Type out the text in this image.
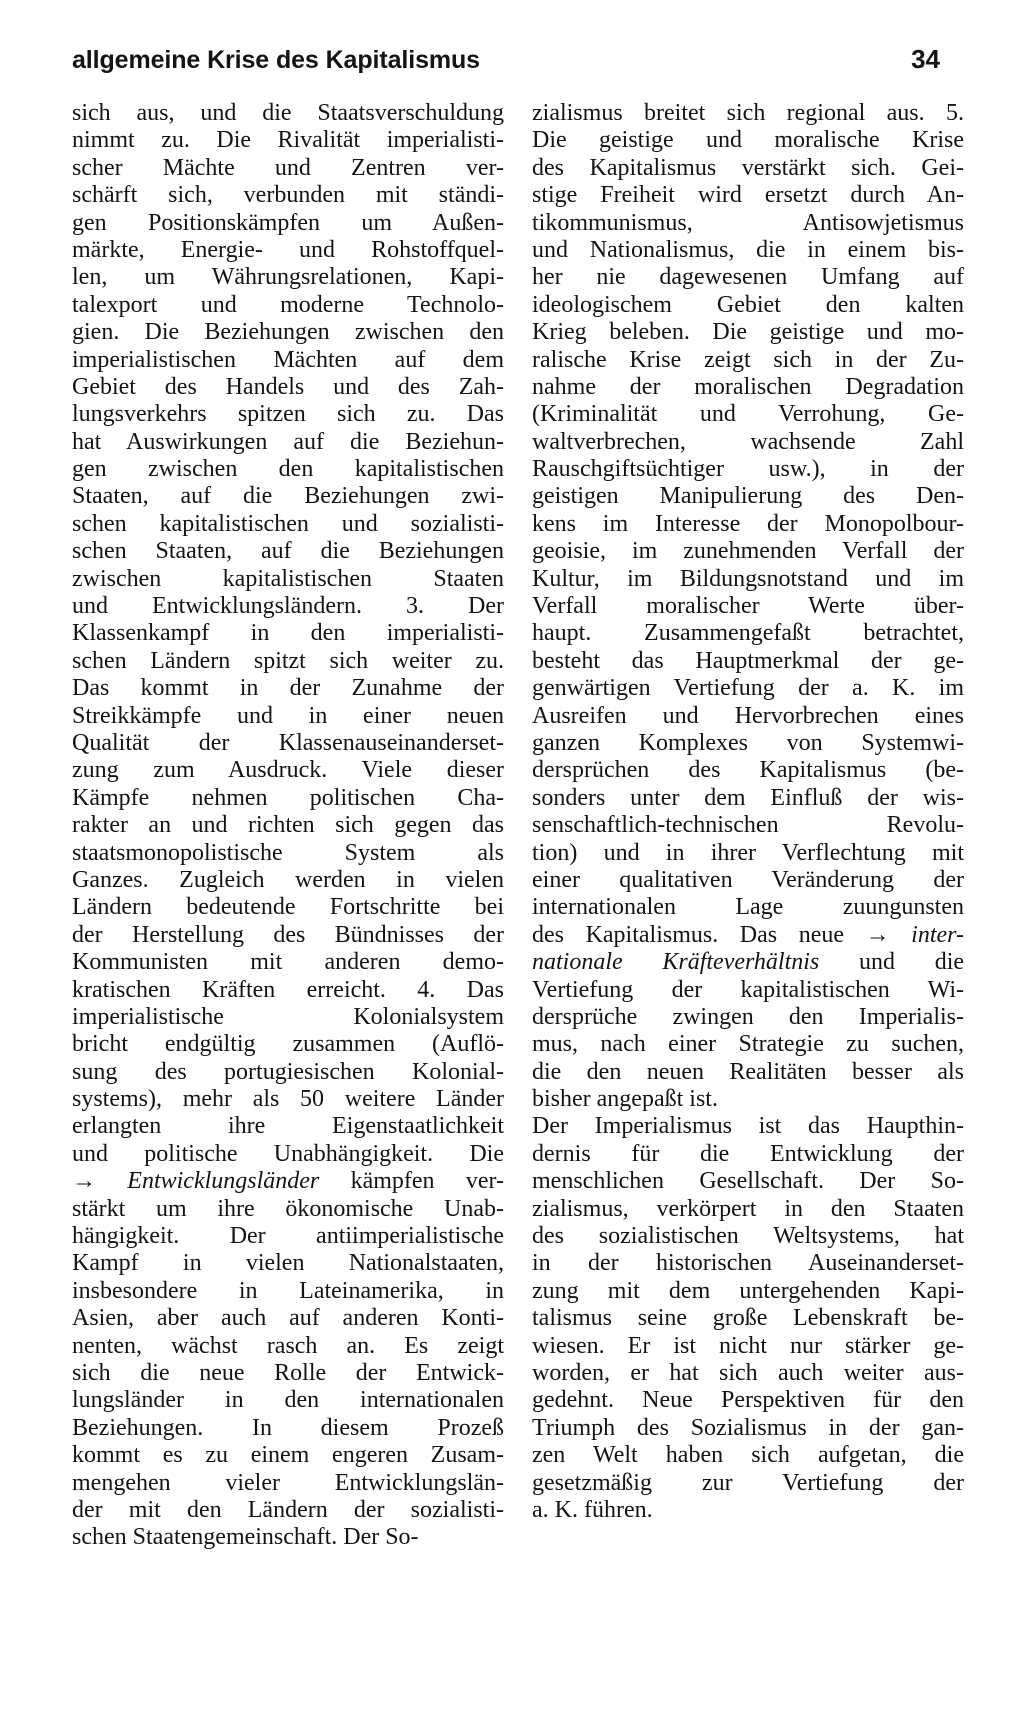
allgemeine Krise des Kapitalismus	34
sich aus, und die Staatsverschuldung
nimmt zu. Die Rivalität imperialisti-
scher Mächte und Zentren ver-
schärft sich, verbunden mit ständi-
gen Positionskämpfen um Außen-
märkte, Energie- und Rohstoffquel-
len, um Währungsrelationen, Kapi-
talexport und moderne Technolo-
gien. Die Beziehungen zwischen den
imperialistischen Mächten auf dem
Gebiet des Handels und des Zah-
lungsverkehrs spitzen sich zu. Das
hat Auswirkungen auf die Beziehun-
gen zwischen den kapitalistischen
Staaten, auf die Beziehungen zwi-
schen kapitalistischen und sozialisti-
schen Staaten, auf die Beziehungen
zwischen kapitalistischen Staaten
und Entwicklungsländern. 3. Der
Klassenkampf in den imperialisti-
schen Ländern spitzt sich weiter zu.
Das kommt in der Zunahme der
Streikkämpfe und in einer neuen
Qualität der Klassenauseinanderset-
zung zum Ausdruck. Viele dieser
Kämpfe nehmen politischen Cha-
rakter an und richten sich gegen das
staatsmonopolistische System als
Ganzes. Zugleich werden in vielen
Ländern bedeutende Fortschritte bei
der Herstellung des Bündnisses der
Kommunisten mit anderen demo-
kratischen Kräften erreicht. 4. Das
imperialistische Kolonialsystem
bricht endgültig zusammen (Auflö-
sung des portugiesischen Kolonial-
systems), mehr als 50 weitere Länder
erlangten ihre Eigenstaatlichkeit
und politische Unabhängigkeit. Die
→ Entwicklungsländer kämpfen ver-
stärkt um ihre ökonomische Unab-
hängigkeit. Der antiimperialistische
Kampf in vielen Nationalstaaten,
insbesondere in Lateinamerika, in
Asien, aber auch auf anderen Konti-
nenten, wächst rasch an. Es zeigt
sich die neue Rolle der Entwick-
lungsländer in den internationalen
Beziehungen. In diesem Prozeß
kommt es zu einem engeren Zusam-
mengehen vieler Entwicklungslän-
der mit den Ländern der sozialisti-
schen Staatengemeinschaft. Der So-
zialismus breitet sich regional aus. 5.
Die geistige und moralische Krise
des Kapitalismus verstärkt sich. Gei-
stige Freiheit wird ersetzt durch An-
tikommunismus, Antisowjetismus
und Nationalismus, die in einem bis-
her nie dagewesenen Umfang auf
ideologischem Gebiet den kalten
Krieg beleben. Die geistige und mo-
ralische Krise zeigt sich in der Zu-
nahme der moralischen Degradation
(Kriminalität und Verrohung, Ge-
waltverbrechen, wachsende Zahl
Rauschgiftsüchtiger usw.), in der
geistigen Manipulierung des Den-
kens im Interesse der Monopolbour-
geoisie, im zunehmenden Verfall der
Kultur, im Bildungsnotstand und im
Verfall moralischer Werte über-
haupt. Zusammengefaßt betrachtet,
besteht das Hauptmerkmal der ge-
genwärtigen Vertiefung der a. K. im
Ausreifen und Hervorbrechen eines
ganzen Komplexes von Systemwi-
dersprüchen des Kapitalismus (be-
sonders unter dem Einfluß der wis-
senschaftlich-technischen Revolu-
tion) und in ihrer Verflechtung mit
einer qualitativen Veränderung der
internationalen Lage zuungunsten
des Kapitalismus. Das neue → inter-
nationale Kräfteverhältnis und die
Vertiefung der kapitalistischen Wi-
dersprüche zwingen den Imperialis-
mus, nach einer Strategie zu suchen,
die den neuen Realitäten besser als
bisher angepaßt ist.
Der Imperialismus ist das Haupthin-
dernis für die Entwicklung der
menschlichen Gesellschaft. Der So-
zialismus, verkörpert in den Staaten
des sozialistischen Weltsystems, hat
in der historischen Auseinanderset-
zung mit dem untergehenden Kapi-
talismus seine große Lebenskraft be-
wiesen. Er ist nicht nur stärker ge-
worden, er hat sich auch weiter aus-
gedehnt. Neue Perspektiven für den
Triumph des Sozialismus in der gan-
zen Welt haben sich aufgetan, die
gesetzmäßig zur Vertiefung der
a. K. führen.
